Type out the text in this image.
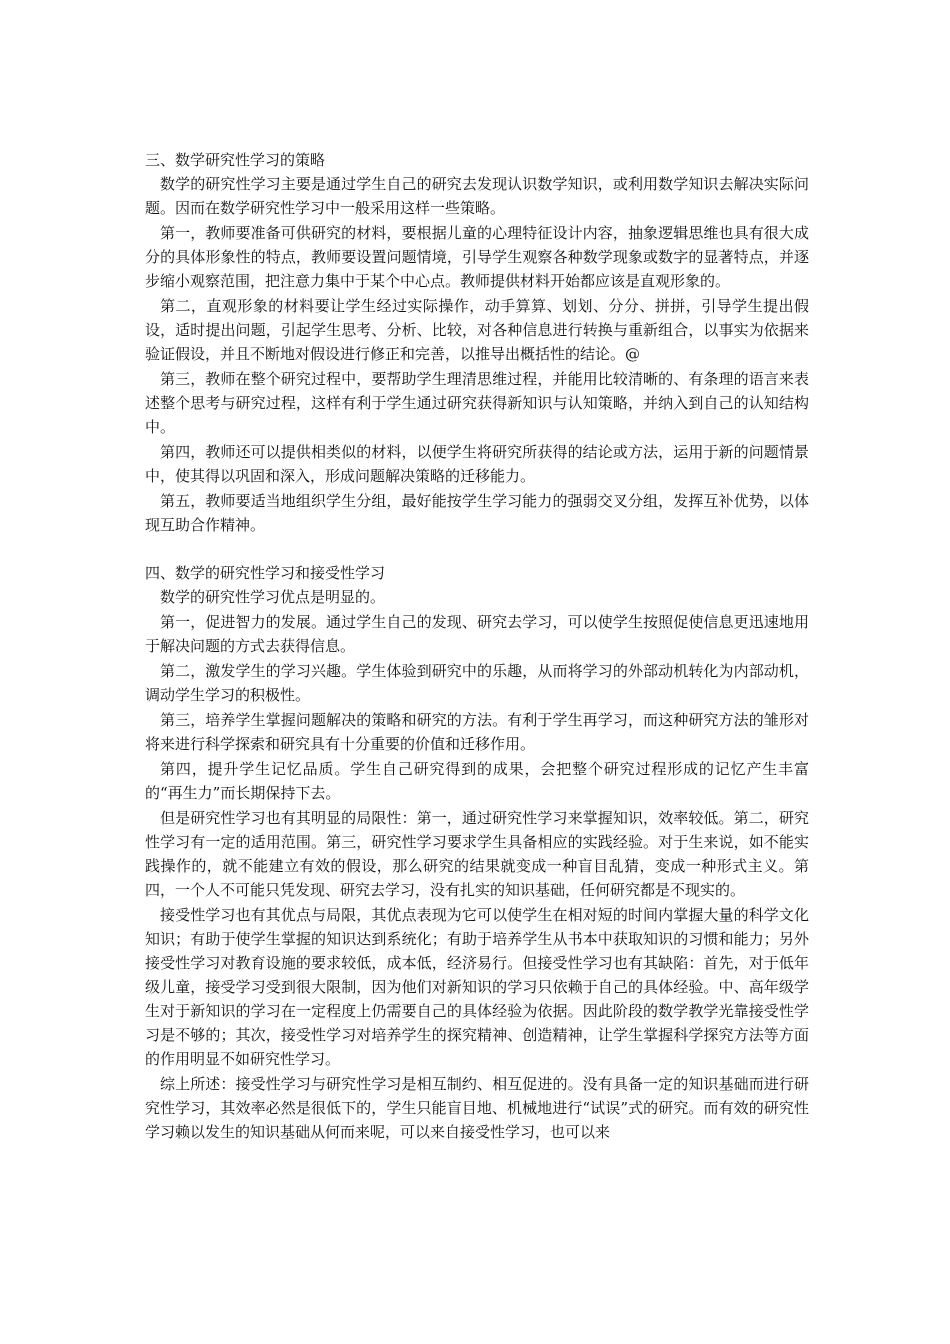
三、数学研究性学习的策略

数学的研究性学习主要是通过学生自己的研究去发现认识数学知识，或利用数学知识去解决实际问题。因而在数学研究性学习中一般采用这样一些策略。

第一，教师要准备可供研究的材料，要根据儿童的心理特征设计内容，抽象逻辑思维也具有很大成分的具体形象性的特点，教师要设置问题情境，引导学生观察各种数学现象或数字的显著特点，并逐步缩小观察范围，把注意力集中于某个中心点。教师提供材料开始都应该是直观形象的。

第二，直观形象的材料要让学生经过实际操作，动手算算、划划、分分、拼拼，引导学生提出假设，适时提出问题，引起学生思考、分析、比较，对各种信息进行转换与重新组合，以事实为依据来验证假设，并且不断地对假设进行修正和完善，以推导出概括性的结论。@

第三，教师在整个研究过程中，要帮助学生理清思维过程，并能用比较清晰的、有条理的语言来表述整个思考与研究过程，这样有利于学生通过研究获得新知识与认知策略，并纳入到自己的认知结构中。

第四，教师还可以提供相类似的材料，以便学生将研究所获得的结论或方法，运用于新的问题情景中，使其得以巩固和深入，形成问题解决策略的迁移能力。

第五，教师要适当地组织学生分组，最好能按学生学习能力的强弱交叉分组，发挥互补优势，以体现互助合作精神。

四、数学的研究性学习和接受性学习

数学的研究性学习优点是明显的。

第一，促进智力的发展。通过学生自己的发现、研究去学习，可以使学生按照促使信息更迅速地用于解决问题的方式去获得信息。

第二，激发学生的学习兴趣。学生体验到研究中的乐趣，从而将学习的外部动机转化为内部动机，调动学生学习的积极性。

第三，培养学生掌握问题解决的策略和研究的方法。有利于学生再学习，而这种研究方法的雏形对将来进行科学探索和研究具有十分重要的价值和迁移作用。

第四，提升学生记忆品质。学生自己研究得到的成果，会把整个研究过程形成的记忆产生丰富的“再生力”而长期保持下去。

但是研究性学习也有其明显的局限性：第一，通过研究性学习来掌握知识，效率较低。第二，研究性学习有一定的适用范围。第三，研究性学习要求学生具备相应的实践经验。对于生来说，如不能实践操作的，就不能建立有效的假设，那么研究的结果就变成一种盲目乱猜，变成一种形式主义。第四，一个人不可能只凭发现、研究去学习，没有扎实的知识基础，任何研究都是不现实的。

接受性学习也有其优点与局限，其优点表现为它可以使学生在相对短的时间内掌握大量的科学文化知识；有助于使学生掌握的知识达到系统化；有助于培养学生从书本中获取知识的习惯和能力；另外接受性学习对教育设施的要求较低，成本低，经济易行。但接受性学习也有其缺陷：首先，对于低年级儿童，接受学习受到很大限制，因为他们对新知识的学习只依赖于自己的具体经验。中、高年级学生对于新知识的学习在一定程度上仍需要自己的具体经验为依据。因此阶段的数学教学光靠接受性学习是不够的；其次，接受性学习对培养学生的探究精神、创造精神，让学生掌握科学探究方法等方面的作用明显不如研究性学习。

综上所述：接受性学习与研究性学习是相互制约、相互促进的。没有具备一定的知识基础而进行研究性学习，其效率必然是很低下的，学生只能盲目地、机械地进行“试误”式的研究。而有效的研究性学习赖以发生的知识基础从何而来呢，可以来自接受性学习，也可以来
